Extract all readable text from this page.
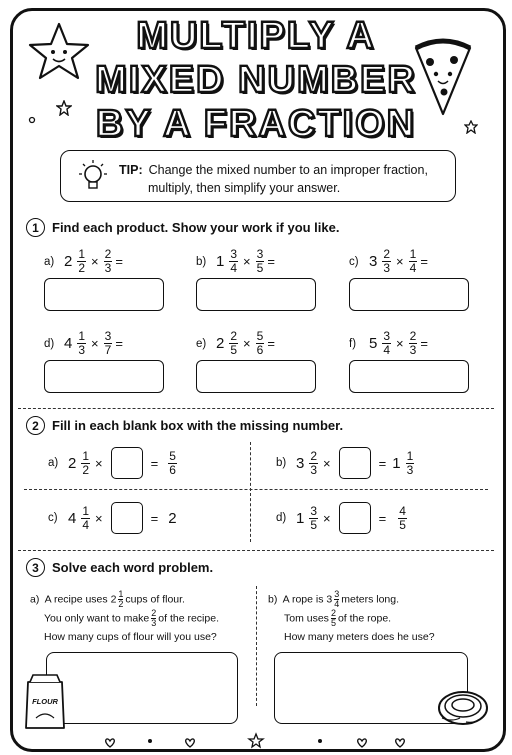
MULTIPLY A
MIXED NUMBER
BY A FRACTION
TIP: Change the mixed number to an improper fraction,
multiply, then simplify your answer.
1	Find each product. Show your work if you like.
a) $2 \frac{1}{2} \times \frac{2}{3}$ =	b) $1 \frac{3}{4} \times \frac{3}{5}$ =	c) $3 \frac{2}{3} \times \frac{1}{4}$ =
d) $4 \frac{1}{3} \times \frac{3}{7}$ =	e) $2 \frac{2}{5} \times \frac{5}{6}$ =	f) $5 \frac{3}{4} \times \frac{2}{3}$ =
2	Fill in each blank box with the missing number.
a) $2 \frac{1}{2}$ ×	= $\frac{5}{6}$	b) $3 \frac{2}{3}$ ×	= $1 \frac{1}{3}$
c) $4 \frac{1}{4}$ ×	= 2	d) $1 \frac{3}{5}$ ×	= $\frac{4}{5}$
3	Solve each word problem.
a) A recipe uses $2 \frac{1}{2}$ cups of flour.
You only want to make $\frac{2}{3}$ of the recipe.
How many cups of flour will you use?
b) A rope is $3 \frac{3}{4}$ meters long.
Tom uses $\frac{2}{5}$ of the rope.
How many meters does he use?
FLOUR
